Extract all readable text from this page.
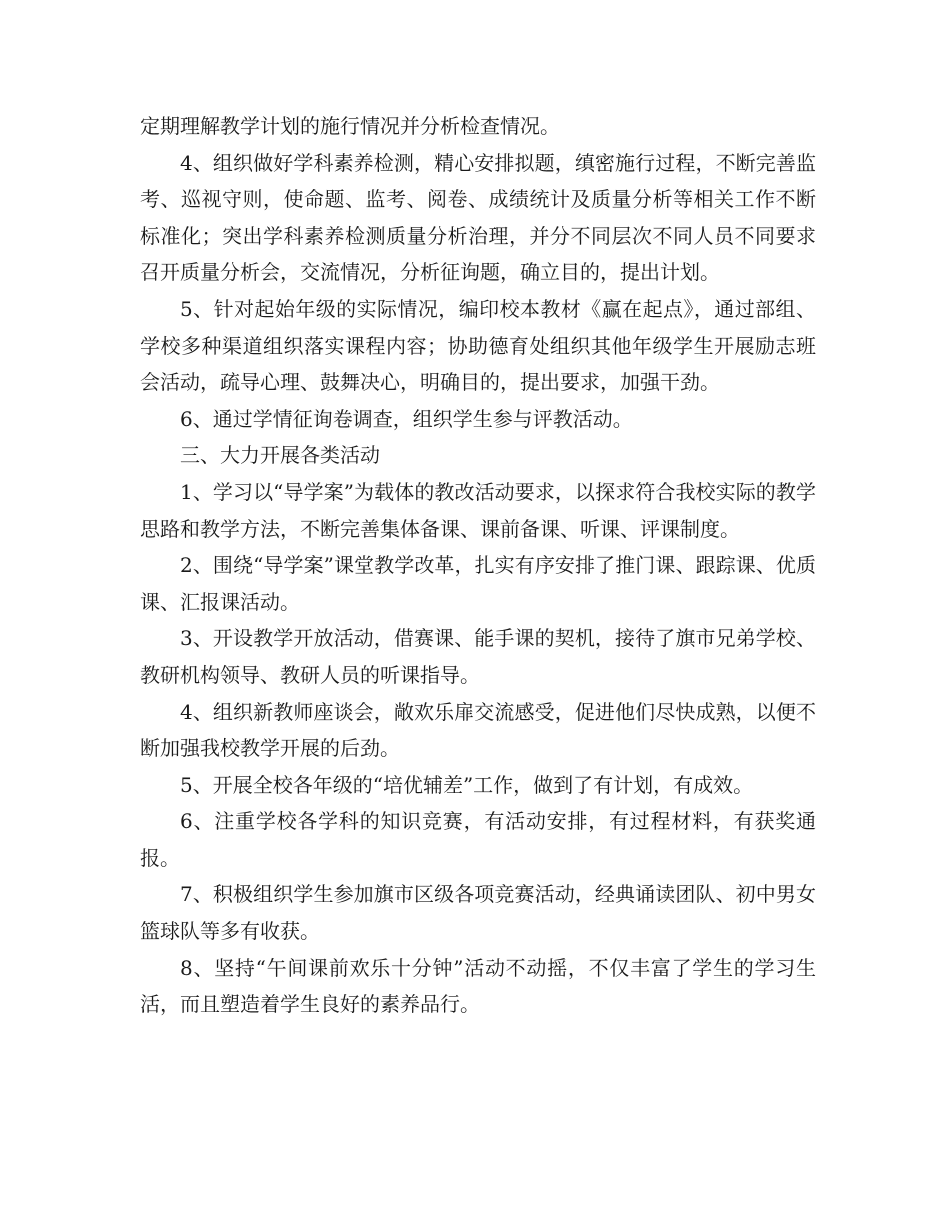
定期理解教学计划的施行情况并分析检查情况。

4、组织做好学科素养检测，精心安排拟题，缜密施行过程，不断完善监考、巡视守则，使命题、监考、阅卷、成绩统计及质量分析等相关工作不断标准化；突出学科素养检测质量分析治理，并分不同层次不同人员不同要求召开质量分析会，交流情况，分析征询题，确立目的，提出计划。

5、针对起始年级的实际情况，编印校本教材《赢在起点》，通过部组、学校多种渠道组织落实课程内容；协助德育处组织其他年级学生开展励志班会活动，疏导心理、鼓舞决心，明确目的，提出要求，加强干劲。

6、通过学情征询卷调查，组织学生参与评教活动。

三、大力开展各类活动

1、学习以“导学案”为载体的教改活动要求，以探求符合我校实际的教学思路和教学方法，不断完善集体备课、课前备课、听课、评课制度。

2、围绕“导学案”课堂教学改革，扎实有序安排了推门课、跟踪课、优质课、汇报课活动。

3、开设教学开放活动，借赛课、能手课的契机，接待了旗市兄弟学校、教研机构领导、教研人员的听课指导。

4、组织新教师座谈会，敞欢乐扉交流感受，促进他们尽快成熟，以便不断加强我校教学开展的后劲。

5、开展全校各年级的“培优辅差”工作，做到了有计划，有成效。

6、注重学校各学科的知识竞赛，有活动安排，有过程材料，有获奖通报。

7、积极组织学生参加旗市区级各项竞赛活动，经典诵读团队、初中男女篮球队等多有收获。

8、坚持“午间课前欢乐十分钟”活动不动摇，不仅丰富了学生的学习生活，而且塑造着学生良好的素养品行。
